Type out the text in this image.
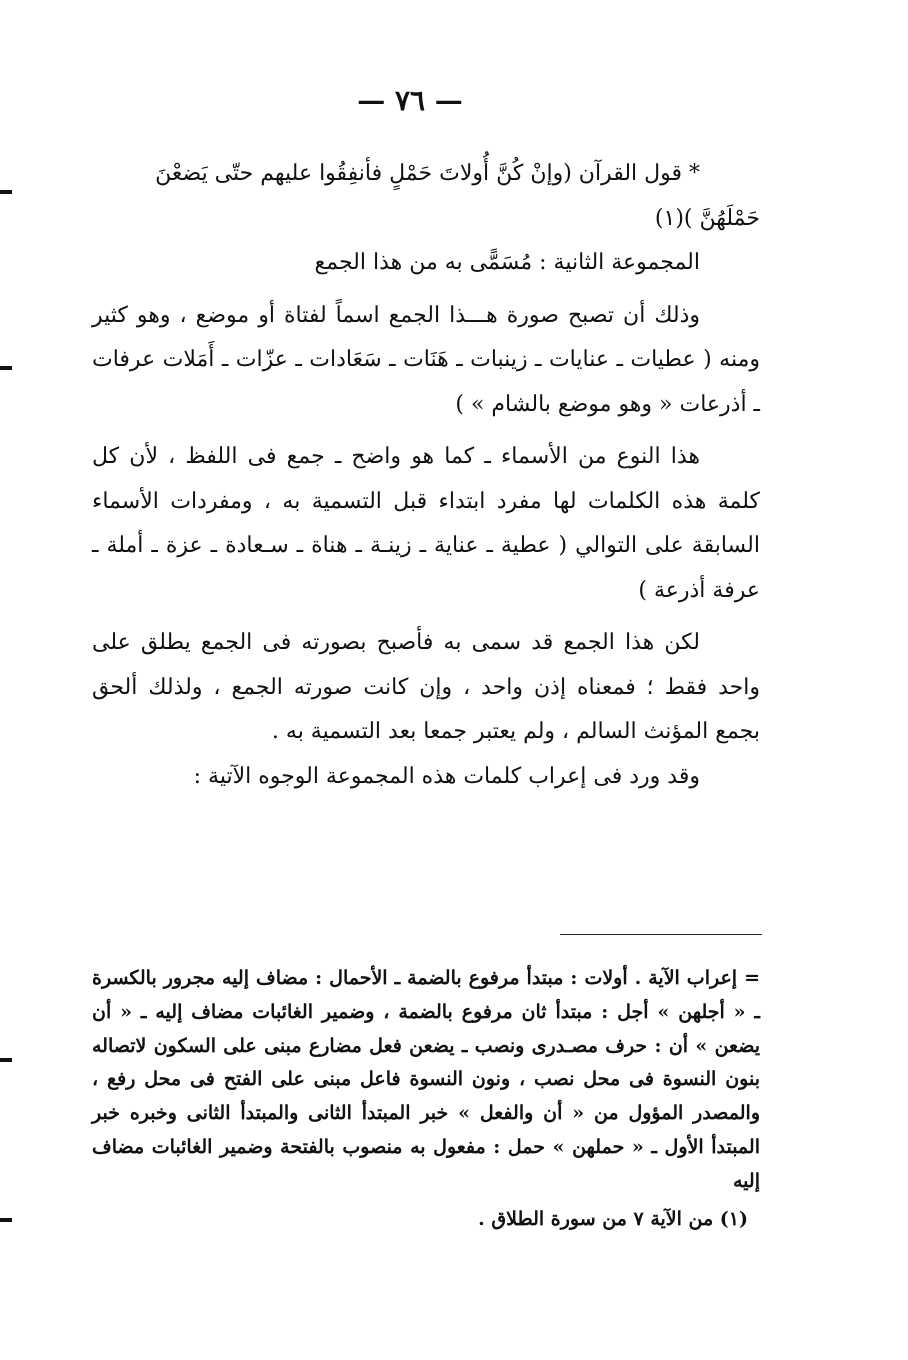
— ٧٦ —

* قول القرآن (وإنْ كُنَّ أُولاتَ حَمْلٍ فأنفِقُوا عليهم حتّى يَضعْنَ

حَمْلَهُنَّ )(١)

المجموعة الثانية : مُسَمًّى به من هذا الجمع

وذلك أن تصبح صورة هـــذا الجمع اسماً لفتاة أو موضع ، وهو كثير ومنه ( عطيات ـ عنايات ـ زينبات ـ هَنَات ـ سَعَادات ـ عزّات ـ أَمَلات عرفات ـ أذرعات « وهو موضع بالشام » )

هذا النوع من الأسماء ـ كما هو واضح ـ جمع فى اللفظ ، لأن كل كلمة هذه الكلمات لها مفرد ابتداء قبل التسمية به ، ومفردات الأسماء السابقة على التوالي ( عطية ـ عناية ـ زينـة ـ هناة ـ سـعادة ـ عزة ـ أملة ـ عرفة أذرعة )

لكن هذا الجمع قد سمى به فأصبح بصورته فى الجمع يطلق على واحد فقط ؛ فمعناه إذن واحد ، وإن كانت صورته الجمع ، ولذلك ألحق بجمع المؤنث السالم ، ولم يعتبر جمعا بعد التسمية به .

وقد ورد فى إعراب كلمات هذه المجموعة الوجوه الآتية :

= إعراب الآية . أولات : مبتدأ مرفوع بالضمة ـ الأحمال : مضاف إليه مجرور بالكسرة ـ « أجلهن » أجل : مبتدأ ثان مرفوع بالضمة ، وضمير الغائبات مضاف إليه ـ « أن يضعن » أن : حرف مصـدرى ونصب ـ يضعن فعل مضارع مبنى على السكون لاتصاله بنون النسوة فى محل نصب ، ونون النسوة فاعل مبنى على الفتح فى محل رفع ، والمصدر المؤول من « أن والفعل » خبر المبتدأ الثانى والمبتدأ الثانى وخبره خبر المبتدأ الأول ـ « حملهن » حمل : مفعول به منصوب بالفتحة وضمير الغائبات مضاف إليه

(١) من الآية ٧ من سورة الطلاق .
